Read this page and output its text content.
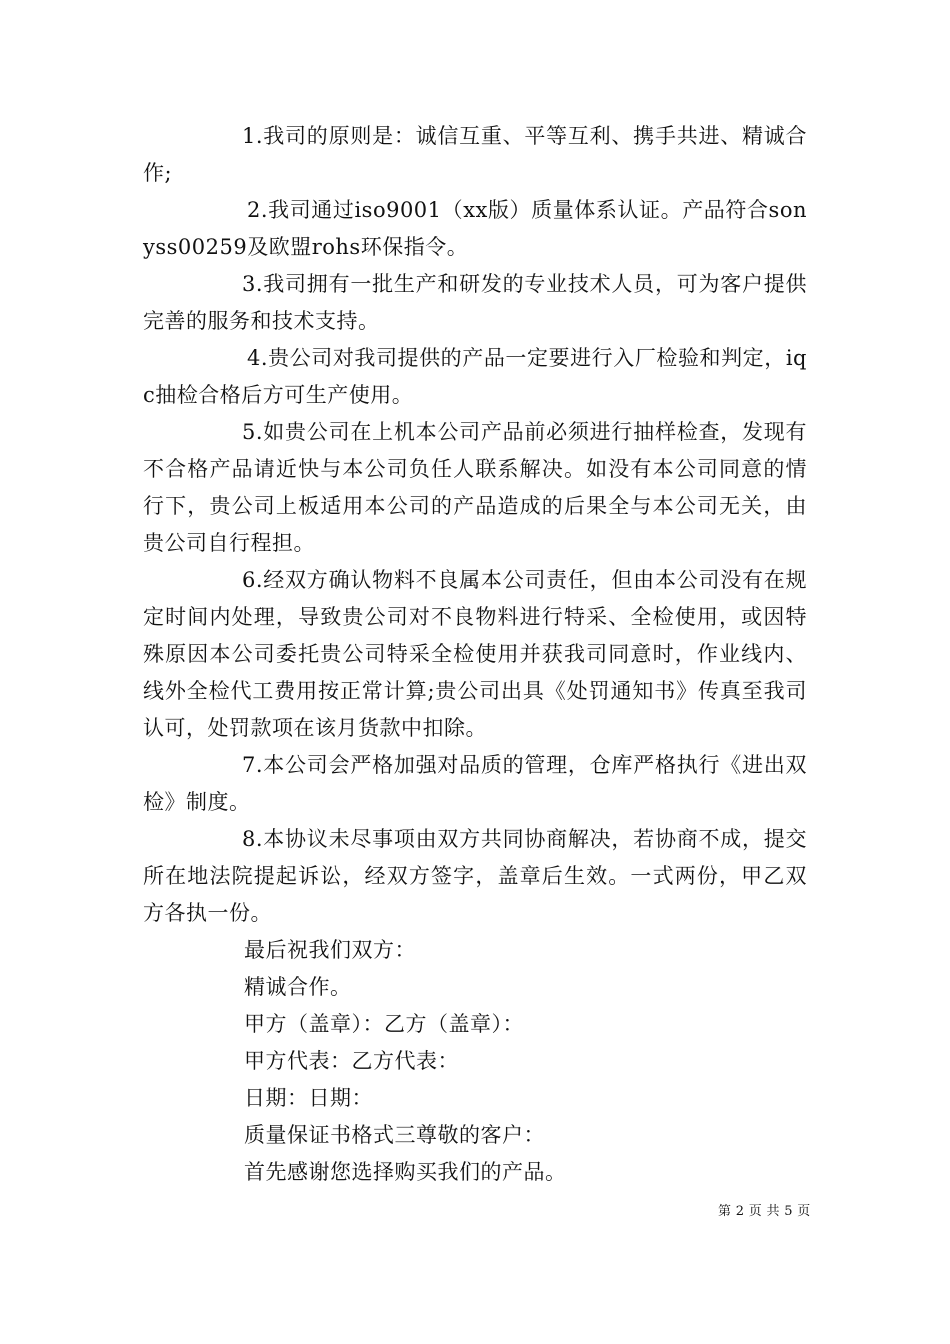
1.我司的原则是：诚信互重、平等互利、携手共进、精诚合作;

2.我司通过iso9001（xx版）质量体系认证。产品符合sonyss00259及欧盟rohs环保指令。

3.我司拥有一批生产和研发的专业技术人员，可为客户提供完善的服务和技术支持。

4.贵公司对我司提供的产品一定要进行入厂检验和判定，iqc抽检合格后方可生产使用。

5.如贵公司在上机本公司产品前必须进行抽样检查，发现有不合格产品请近快与本公司负任人联系解决。如没有本公司同意的情行下，贵公司上板适用本公司的产品造成的后果全与本公司无关，由贵公司自行程担。

6.经双方确认物料不良属本公司责任，但由本公司没有在规定时间内处理，导致贵公司对不良物料进行特采、全检使用，或因特殊原因本公司委托贵公司特采全检使用并获我司同意时，作业线内、线外全检代工费用按正常计算;贵公司出具《处罚通知书》传真至我司认可，处罚款项在该月货款中扣除。

7.本公司会严格加强对品质的管理，仓库严格执行《进出双检》制度。

8.本协议未尽事项由双方共同协商解决，若协商不成，提交所在地法院提起诉讼，经双方签字，盖章后生效。一式两份，甲乙双方各执一份。

最后祝我们双方：

精诚合作。

甲方（盖章）：乙方（盖章）：

甲方代表：乙方代表：

日期：日期：

质量保证书格式三尊敬的客户：

首先感谢您选择购买我们的产品。

第 2 页 共 5 页
